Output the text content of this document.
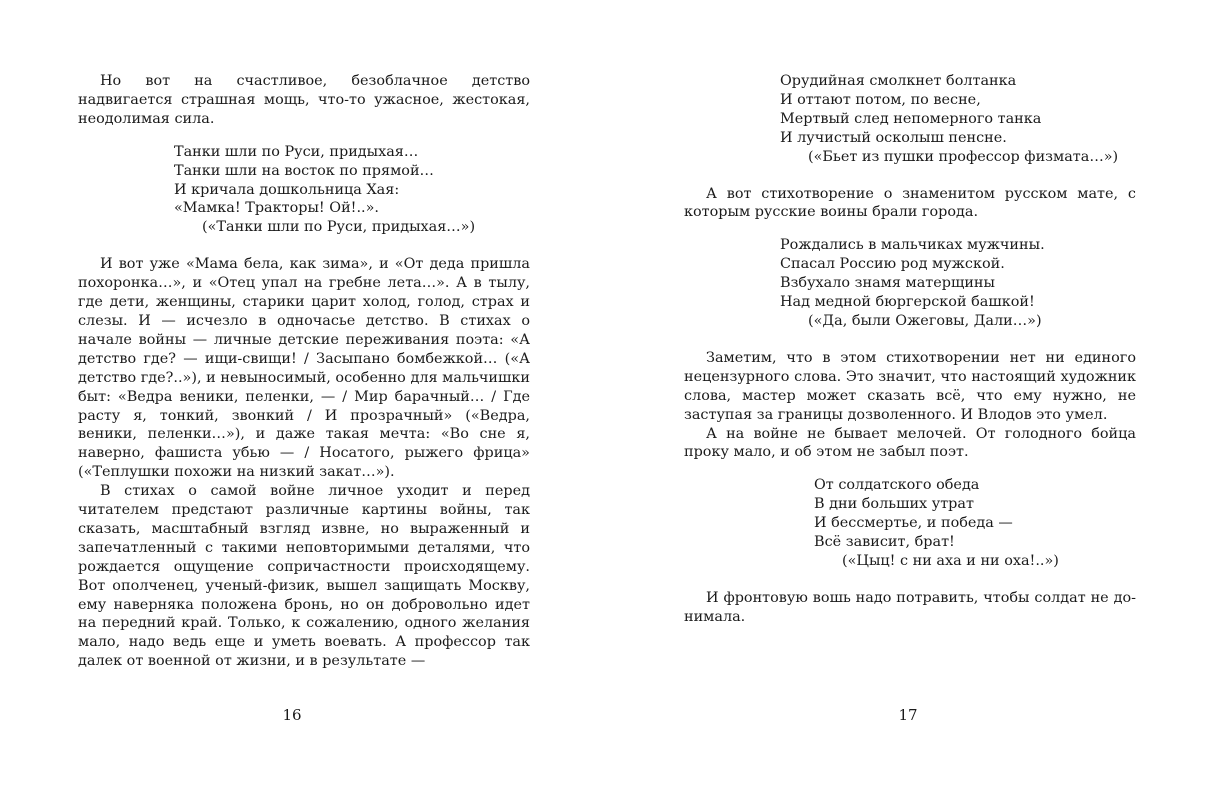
Но вот на счастливое, безоблачное детство надвигается страшная мощь, что-то ужасное, жестокая, неодолимая сила.

Танки шли по Руси, придыхая…
Танки шли на восток по прямой…
И кричала дошкольница Хая:
«Мамка! Тракторы! Ой!..».
(«Танки шли по Руси, придыхая…»)

И вот уже «Мама бела, как зима», и «От деда пришла похоронка…», и «Отец упал на гребне лета…». А в тылу, где дети, женщины, старики царит холод, голод, страх и слезы. И — исчезло в одночасье детство. В стихах о начале войны — личные детские переживания поэта: «А детство где? — ищи-свищи! / Засыпано бомбежкой… («А детство где?..»), и невыносимый, особенно для мальчишки быт: «Ведра веники, пеленки, — / Мир барачный… / Где расту я, тонкий, звонкий / И прозрачный» («Ведра, веники, пеленки…»), и даже такая мечта: «Во сне я, наверно, фашиста убью — / Носатого, рыжего фрица» («Теплушки похожи на низкий закат…»).

В стихах о самой войне личное уходит и перед читателем предстают различные картины войны, так сказать, масштабный взгляд извне, но выраженный и запечатленный с такими неповторимыми деталями, что рождается ощущение сопричастности происходящему. Вот ополченец, ученый-физик, вышел защищать Москву, ему наверняка положена бронь, но он добровольно идет на передний край. Только, к сожалению, одного желания мало, надо ведь еще и уметь воевать. А профессор так далек от военной от жизни, и в результате —

16
Орудийная смолкнет болтанка
И оттают потом, по весне,
Мертвый след непомерного танка
И лучистый осколыш пенсне.
(«Бьет из пушки профессор физмата…»)

А вот стихотворение о знаменитом русском мате, с которым русские воины брали города.

Рождались в мальчиках мужчины.
Спасал Россию род мужской.
Взбухало знамя матерщины
Над медной бюргерской башкой!
(«Да, были Ожеговы, Дали…»)

Заметим, что в этом стихотворении нет ни единого нецензурного слова. Это значит, что настоящий художник слова, мастер может сказать всё, что ему нужно, не заступая за границы дозволенного. И Влодов это умел.

А на войне не бывает мелочей. От голодного бойца проку мало, и об этом не забыл поэт.

От солдатского обеда
В дни больших утрат
И бессмертье, и победа —
Всё зависит, брат!
(«Цыц! с ни аха и ни оха!..»)

И фронтовую вошь надо потравить, чтобы солдат не донимала.

17
